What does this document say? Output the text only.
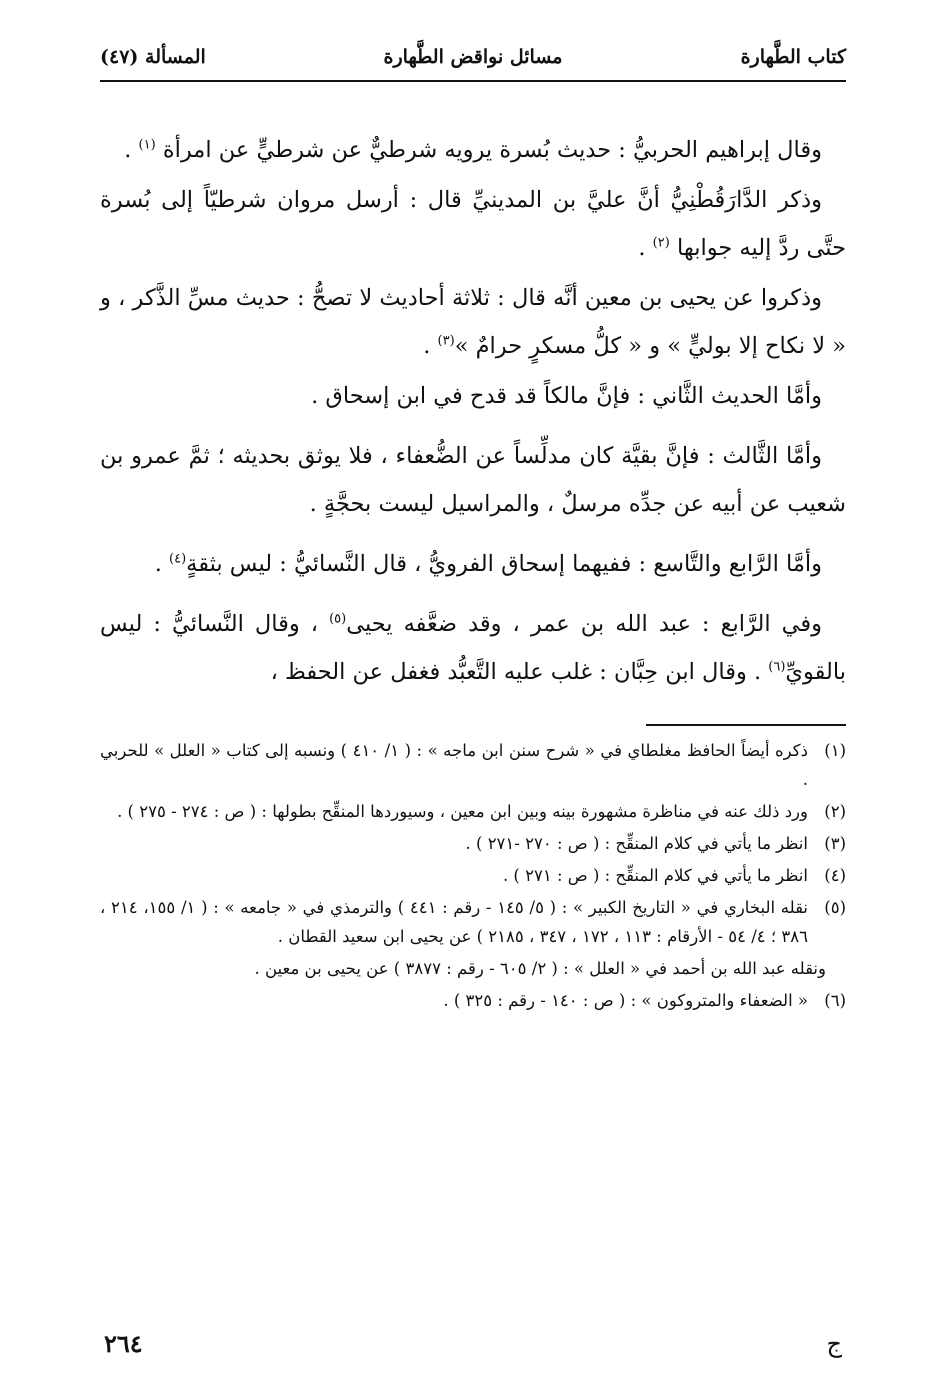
كتاب الطَّهارة
مسائل نواقض الطَّهارة
المسألة (٤٧)

وقال إبراهيم الحربيُّ : حديث بُسرة يرويه شرطيٌّ عن شرطيٍّ عن امرأة $^{(١)}$ .

وذكر الدَّارَقُطْنِيُّ أنَّ عليَّ بن المدينيِّ قال : أرسل مروان شرطيّاً إلى بُسرة حتَّى ردَّ إليه جوابها $^{(٢)}$ .

وذكروا عن يحيى بن معين أنَّه قال : ثلاثة أحاديث لا تصحُّ : حديث مسِّ الذَّكر ، و « لا نكاح إلا بوليٍّ » و « كلُّ مسكرٍ حرامٌ »$^{(٣)}$ .

وأمَّا الحديث الثَّاني : فإنَّ مالكاً قد قدح في ابن إسحاق .

وأمَّا الثَّالث : فإنَّ بقيَّة كان مدلِّساً عن الضُّعفاء ، فلا يوثق بحديثه ؛ ثمَّ عمرو بن شعيب عن أبيه عن جدِّه مرسلٌ ، والمراسيل ليست بحجَّةٍ .

وأمَّا الرَّابع والتَّاسع : ففيهما إسحاق الفرويُّ ، قال النَّسائيُّ : ليس بثقةٍ$^{(٤)}$ .

وفي الرَّابع : عبد الله بن عمر ، وقد ضعَّفه يحيى$^{(٥)}$ ، وقال النَّسائيُّ : ليس بالقويِّ$^{(٦)}$ . وقال ابن حِبَّان : غلب عليه التَّعبُّد فغفل عن الحفظ ،

(١)
ذكره أيضاً الحافظ مغلطاي في « شرح سنن ابن ماجه » : ( ١/ ٤١٠ ) ونسبه إلى كتاب « العلل » للحربي .

(٢)
ورد ذلك عنه في مناظرة مشهورة بينه وبين ابن معين ، وسيوردها المنقِّح بطولها : ( ص : ٢٧٤ - ٢٧٥ ) .

(٣)
انظر ما يأتي في كلام المنقِّح : ( ص : ٢٧٠ -٢٧١ ) .

(٤)
انظر ما يأتي في كلام المنقِّح : ( ص : ٢٧١ ) .

(٥)
نقله البخاري في « التاريخ الكبير » : ( ٥/ ١٤٥ - رقم : ٤٤١ ) والترمذي في « جامعه » : ( ١/ ١٥٥، ٢١٤ ، ٣٨٦ ؛ ٤/ ٥٤ - الأرقام : ١١٣ ، ١٧٢ ، ٣٤٧ ، ٢١٨٥ ) عن يحيى ابن سعيد القطان .

ونقله عبد الله بن أحمد في « العلل » : ( ٢/ ٦٠٥ - رقم : ٣٨٧٧ ) عن يحيى بن معين .

(٦)
« الضعفاء والمتروكون » : ( ص : ١٤٠ - رقم : ٣٢٥ ) .

٢٦٤	ج
